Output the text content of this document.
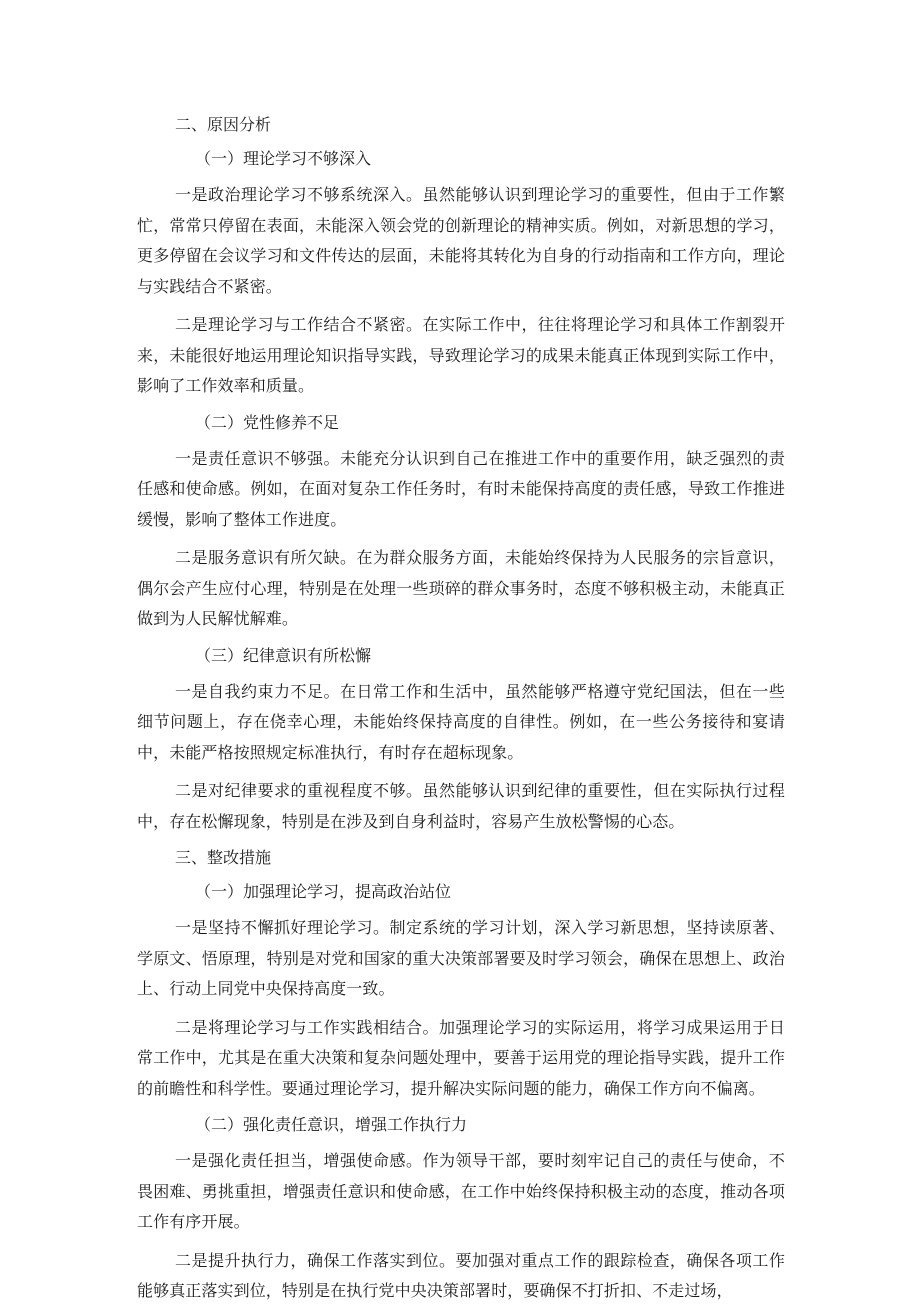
二、原因分析
（一）理论学习不够深入

一是政治理论学习不够系统深入。虽然能够认识到理论学习的重要性，但由于工作繁忙，常常只停留在表面，未能深入领会党的创新理论的精神实质。例如，对新思想的学习，更多停留在会议学习和文件传达的层面，未能将其转化为自身的行动指南和工作方向，理论与实践结合不紧密。

二是理论学习与工作结合不紧密。在实际工作中，往往将理论学习和具体工作割裂开来，未能很好地运用理论知识指导实践，导致理论学习的成果未能真正体现到实际工作中，影响了工作效率和质量。

（二）党性修养不足

一是责任意识不够强。未能充分认识到自己在推进工作中的重要作用，缺乏强烈的责任感和使命感。例如，在面对复杂工作任务时，有时未能保持高度的责任感，导致工作推进缓慢，影响了整体工作进度。

二是服务意识有所欠缺。在为群众服务方面，未能始终保持为人民服务的宗旨意识，偶尔会产生应付心理，特别是在处理一些琐碎的群众事务时，态度不够积极主动，未能真正做到为人民解忧解难。

（三）纪律意识有所松懈

一是自我约束力不足。在日常工作和生活中，虽然能够严格遵守党纪国法，但在一些细节问题上，存在侥幸心理，未能始终保持高度的自律性。例如，在一些公务接待和宴请中，未能严格按照规定标准执行，有时存在超标现象。

二是对纪律要求的重视程度不够。虽然能够认识到纪律的重要性，但在实际执行过程中，存在松懈现象，特别是在涉及到自身利益时，容易产生放松警惕的心态。

三、整改措施
（一）加强理论学习，提高政治站位

一是坚持不懈抓好理论学习。制定系统的学习计划，深入学习新思想，坚持读原著、学原文、悟原理，特别是对党和国家的重大决策部署要及时学习领会，确保在思想上、政治上、行动上同党中央保持高度一致。

二是将理论学习与工作实践相结合。加强理论学习的实际运用，将学习成果运用于日常工作中，尤其是在重大决策和复杂问题处理中，要善于运用党的理论指导实践，提升工作的前瞻性和科学性。要通过理论学习，提升解决实际问题的能力，确保工作方向不偏离。

（二）强化责任意识，增强工作执行力

一是强化责任担当，增强使命感。作为领导干部，要时刻牢记自己的责任与使命，不畏困难、勇挑重担，增强责任意识和使命感，在工作中始终保持积极主动的态度，推动各项工作有序开展。

二是提升执行力，确保工作落实到位。要加强对重点工作的跟踪检查，确保各项工作能够真正落实到位，特别是在执行党中央决策部署时，要确保不打折扣、不走过场，
